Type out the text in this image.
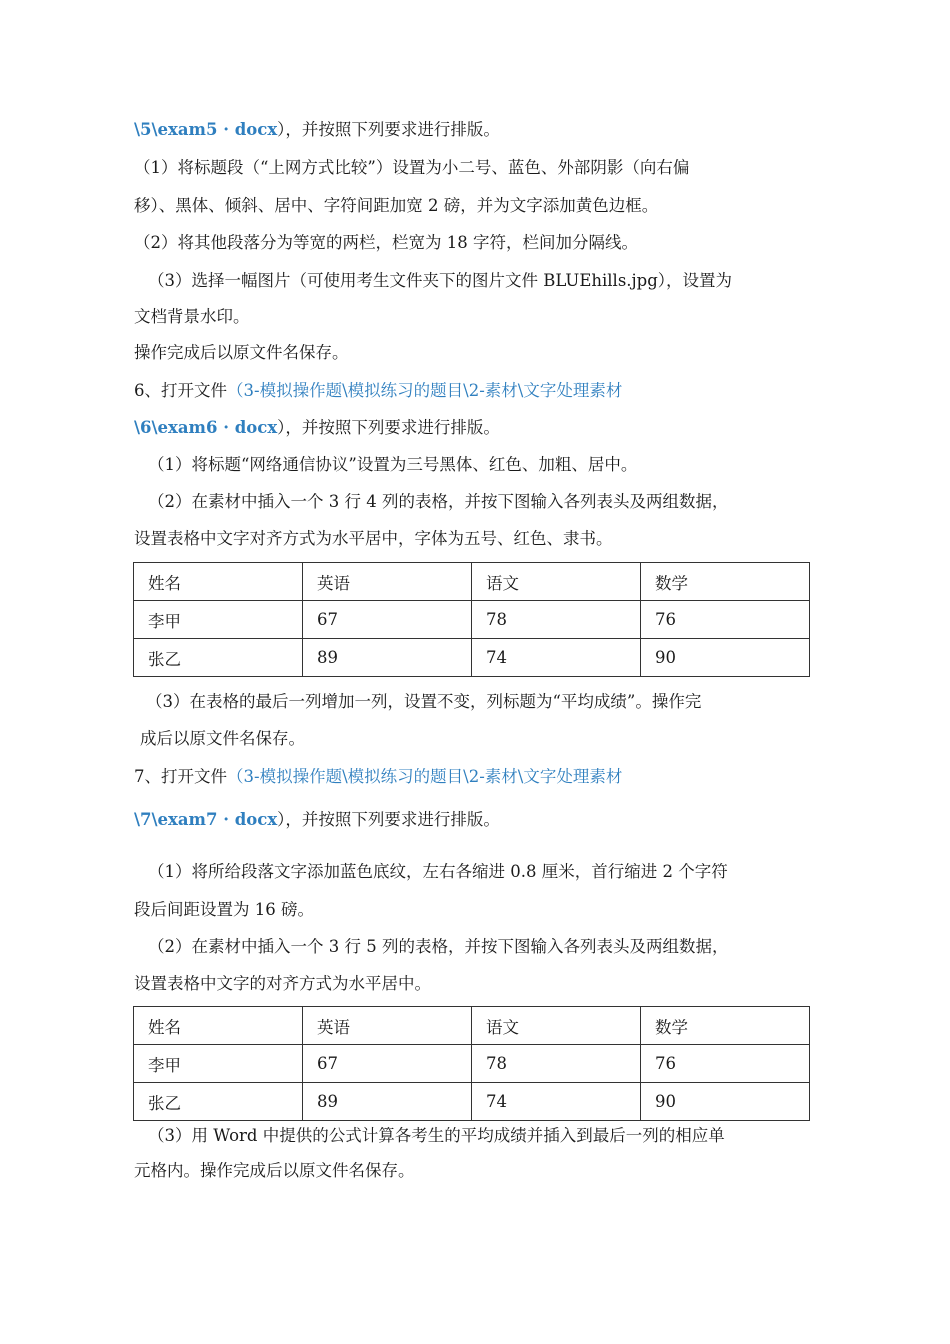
\5\exam5 · docx），并按照下列要求进行排版。
（1）将标题段（“上网方式比较”）设置为小二号、蓝色、外部阴影（向右偏
移）、黑体、倾斜、居中、字符间距加宽 2 磅，并为文字添加黄色边框。
（2）将其他段落分为等宽的两栏，栏宽为 18 字符，栏间加分隔线。
（3）选择一幅图片（可使用考生文件夹下的图片文件 BLUEhills.jpg），设置为
文档背景水印。
操作完成后以原文件名保存。
6、打开文件（3-模拟操作题\模拟练习的题目\2-素材\文字处理素材
\6\exam6 · docx），并按照下列要求进行排版。
（1）将标题“网络通信协议”设置为三号黑体、红色、加粗、居中。
（2）在素材中插入一个 3 行 4 列的表格，并按下图输入各列表头及两组数据，
设置表格中文字对齐方式为水平居中，字体为五号、红色、隶书。
姓名	英语	语文	数学
李甲	67	78	76
张乙	89	74	90
（3）在表格的最后一列增加一列，设置不变，列标题为“平均成绩”。操作完
成后以原文件名保存。
7、打开文件（3-模拟操作题\模拟练习的题目\2-素材\文字处理素材
\7\exam7 · docx），并按照下列要求进行排版。
（1）将所给段落文字添加蓝色底纹，左右各缩进 0.8 厘米，首行缩进 2 个字符
段后间距设置为 16 磅。
（2）在素材中插入一个 3 行 5 列的表格，并按下图输入各列表头及两组数据，
设置表格中文字的对齐方式为水平居中。
姓名	英语	语文	数学
李甲	67	78	76
张乙	89	74	90
（3）用 Word 中提供的公式计算各考生的平均成绩并插入到最后一列的相应单
元格内。操作完成后以原文件名保存。
